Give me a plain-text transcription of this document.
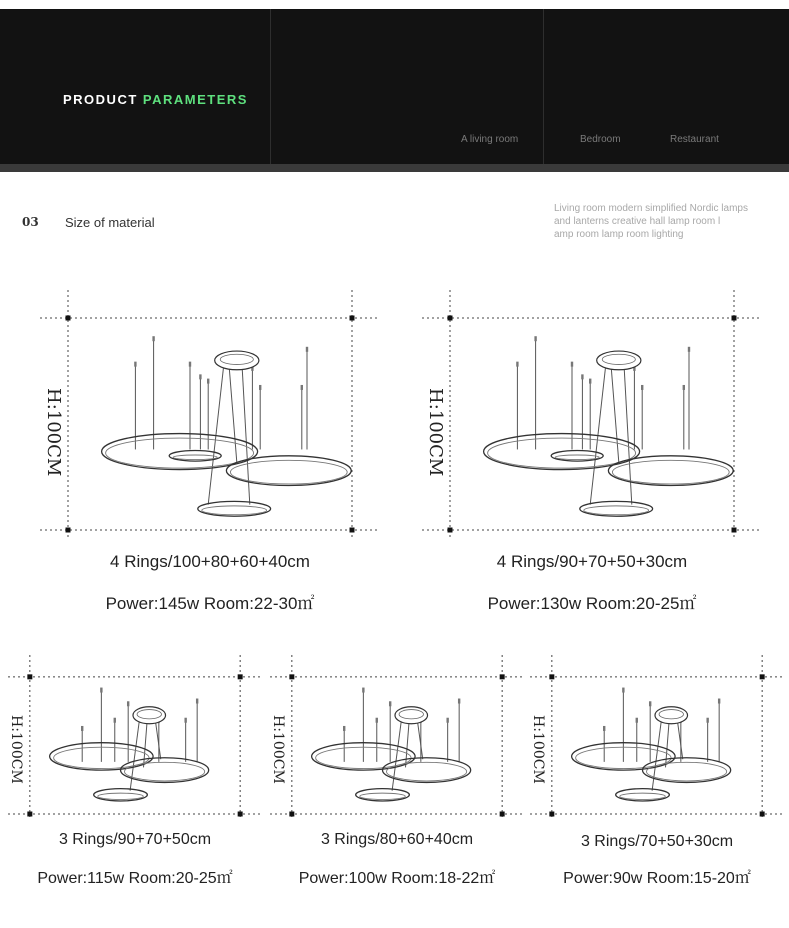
PRODUCT PARAMETERS
A living room	Bedroom	Restaurant
03 Size of material
Living room modern simplified Nordic lamps
and lanterns creative hall lamp room l
amp room lamp room lighting
H:100CM
4 Rings/100+80+60+40cm
Power:145w Room:22-30㎡
H:100CM
4 Rings/90+70+50+30cm
Power:130w Room:20-25㎡
H:100CM
3 Rings/90+70+50cm
Power:115w Room:20-25㎡
H:100CM
3 Rings/80+60+40cm
Power:100w Room:18-22㎡
H:100CM
3 Rings/70+50+30cm
Power:90w Room:15-20㎡
